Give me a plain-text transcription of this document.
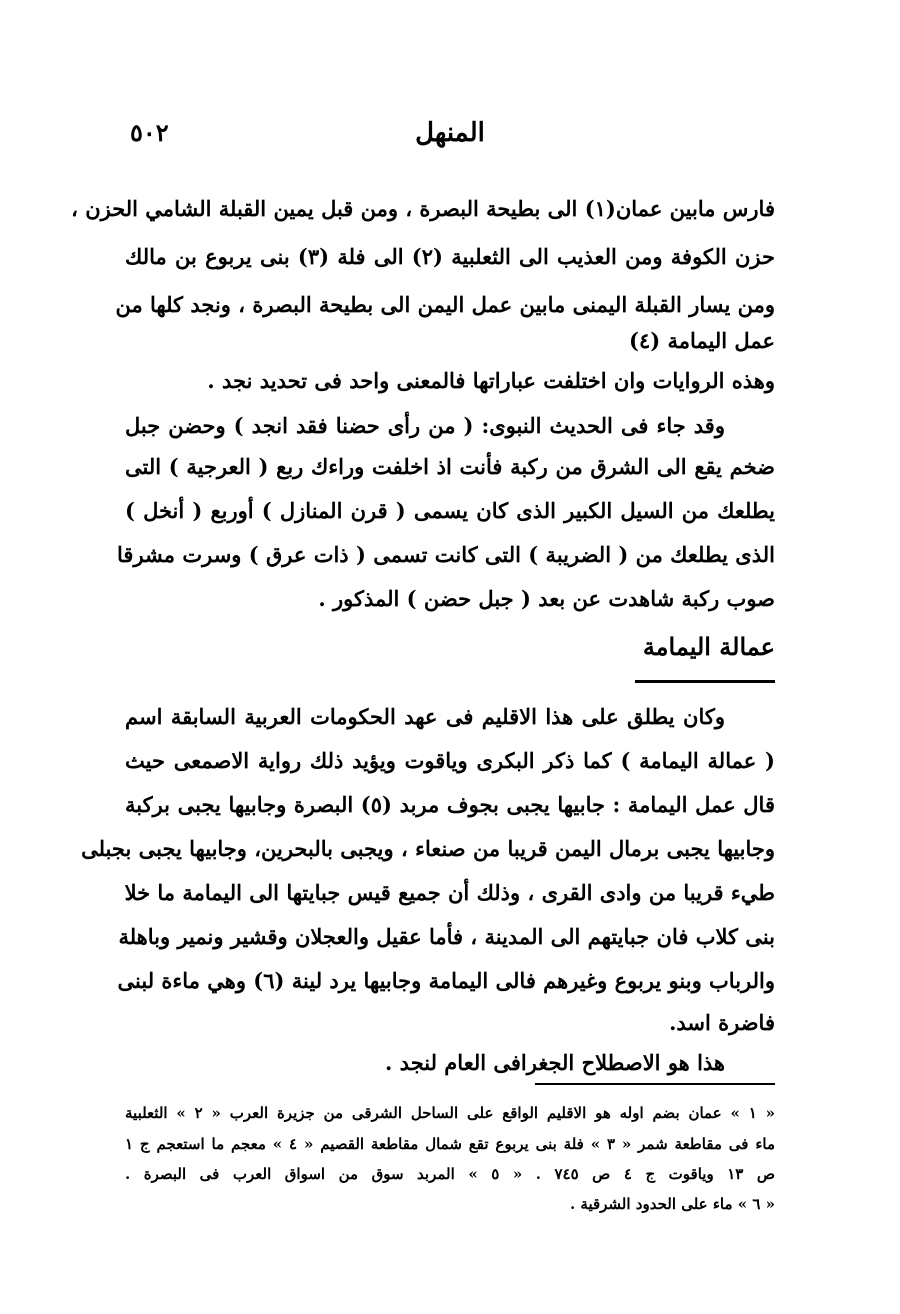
المنهل
٥٠٢
فارس مابين عمان(١) الى بطيحة البصرة ، ومن قبل يمين القبلة الشامي الحزن ،
حزن الكوفة ومن العذيب الى الثعلبية (٢) الى فلة (٣) بنى يربوع بن مالك
ومن يسار القبلة اليمنى مابين عمل اليمن الى بطيحة البصرة ، ونجد كلها من
عمل اليمامة (٤)
وهذه الروايات وان اختلفت عباراتها فالمعنى واحد فى تحديد نجد .
وقد جاء فى الحديث النبوى: ( من رأى حضنا فقد انجد ) وحضن جبل
ضخم يقع الى الشرق من ركبة فأنت اذ اخلفت وراءك ربع ( العرجية ) التى
يطلعك من السيل الكبير الذى كان يسمى ( قرن المنازل ) أوربع ( أنخل )
الذى يطلعك من ( الضريبة ) التى كانت تسمى ( ذات عرق ) وسرت مشرقا
صوب ركبة شاهدت عن بعد ( جبل حضن ) المذكور .
عمالة اليمامة
وكان يطلق على هذا الاقليم فى عهد الحكومات العربية السابقة اسم
( عمالة اليمامة ) كما ذكر البكرى وياقوت ويؤيد ذلك رواية الاصمعى حيث
قال عمل اليمامة : جابيها يجبى بجوف مربد (٥) البصرة وجابيها يجبى بركبة
وجابيها يجبى برمال اليمن قريبا من صنعاء ، ويجبى بالبحرين، وجابيها يجبى بجبلى
طيء قريبا من وادى القرى ، وذلك أن جميع قيس جبايتها الى اليمامة ما خلا
بنى كلاب فان جبايتهم الى المدينة ، فأما عقيل والعجلان وقشير ونمير وباهلة
والرباب وبنو يربوع وغيرهم فالى اليمامة وجابيها يرد لينة (٦) وهي ماءة لبنى
فاضرة اسد.
هذا هو الاصطلاح الجغرافى العام لنجد .
« ١ » عمان بضم اوله هو الاقليم الواقع على الساحل الشرقى من جزيرة العرب « ٢ » الثعلبية
ماء فى مقاطعة شمر « ٣ » فلة بنى يربوع تقع شمال مقاطعة القصيم « ٤ » معجم ما استعجم ج ١
ص ١٣ وياقوت ج ٤ ص ٧٤٥ . « ٥ » المربد سوق من اسواق العرب فى البصرة .
« ٦ » ماء على الحدود الشرقية .
